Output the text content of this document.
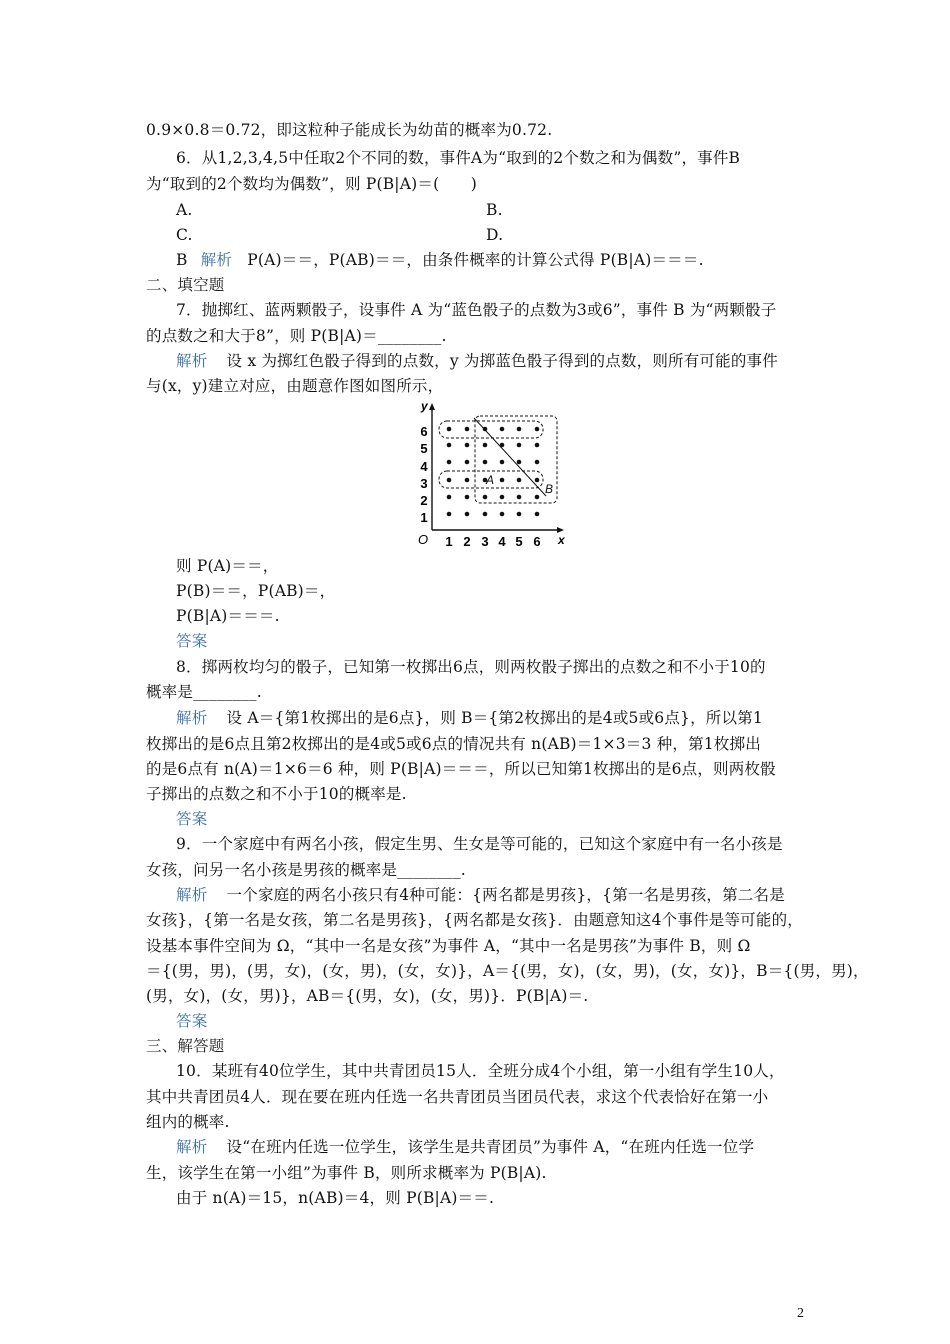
0.9×0.8＝0.72，即这粒种子能成长为幼苗的概率为0.72.
6．从1,2,3,4,5中任取2个不同的数，事件A为“取到的2个数之和为偶数”，事件B
为“取到的2个数均为偶数”，则 P(B|A)＝(　　)
A.	B.
C.	D.
B 解析 P(A)＝＝，P(AB)＝＝，由条件概率的计算公式得 P(B|A)＝＝＝.
二、填空题
7．抛掷红、蓝两颗骰子，设事件 A 为“蓝色骰子的点数为3或6”，事件 B 为“两颗骰子
的点数之和大于8”，则 P(B|A)＝________.
解析 设 x 为掷红色骰子得到的点数，y 为掷蓝色骰子得到的点数，则所有可能的事件
与(x，y)建立对应，由题意作图如图所示，
y
x
O 1 2 3 4 5 6
1
2
3
4
5
6
A
B
则 P(A)＝＝，
P(B)＝＝，P(AB)＝，
P(B|A)＝＝＝.
答案
8．掷两枚均匀的骰子，已知第一枚掷出6点，则两枚骰子掷出的点数之和不小于10的
概率是________.
解析 设 A＝{第1枚掷出的是6点}，则 B＝{第2枚掷出的是4或5或6点}，所以第1
枚掷出的是6点且第2枚掷出的是4或5或6点的情况共有 n(AB)＝1×3＝3 种，第1枚掷出
的是6点有 n(A)＝1×6＝6 种，则 P(B|A)＝＝＝，所以已知第1枚掷出的是6点，则两枚骰
子掷出的点数之和不小于10的概率是.
答案
9．一个家庭中有两名小孩，假定生男、生女是等可能的，已知这个家庭中有一名小孩是
女孩，问另一名小孩是男孩的概率是________.
解析 一个家庭的两名小孩只有4种可能：{两名都是男孩}，{第一名是男孩，第二名是
女孩}，{第一名是女孩，第二名是男孩}，{两名都是女孩}．由题意知这4个事件是等可能的，
设基本事件空间为 Ω，“其中一名是女孩”为事件 A，“其中一名是男孩”为事件 B，则 Ω
＝{(男，男)，(男，女)，(女，男)，(女，女)}，A＝{(男，女)，(女，男)，(女，女)}，B＝{(男，男)，
(男，女)，(女，男)}，AB＝{(男，女)，(女，男)}．P(B|A)＝.
答案
三、解答题
10．某班有40位学生，其中共青团员15人．全班分成4个小组，第一小组有学生10人，
其中共青团员4人．现在要在班内任选一名共青团员当团员代表，求这个代表恰好在第一小
组内的概率.
解析 设“在班内任选一位学生，该学生是共青团员”为事件 A，“在班内任选一位学
生，该学生在第一小组”为事件 B，则所求概率为 P(B|A).
由于 n(A)＝15，n(AB)＝4，则 P(B|A)＝＝.
2
